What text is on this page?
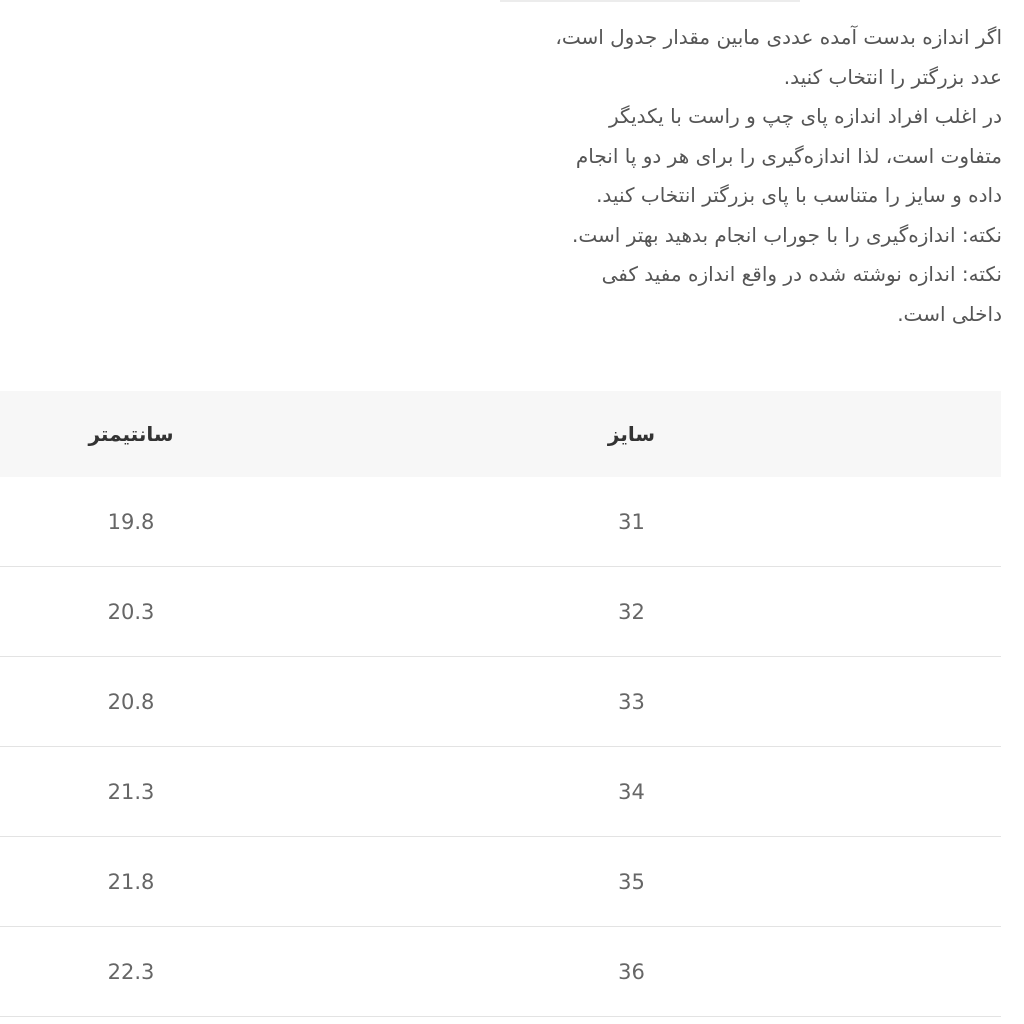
اگر اندازه بدست آمده عددی مابین مقدار جدول است،

عدد بزرگتر را انتخاب کنید.

در اغلب افراد اندازه پای چپ و راست با یکدیگر

متفاوت است، لذا اندازه‌گیری را برای هر دو پا انجام

داده و سایز را متناسب با پای بزرگتر انتخاب کنید.

نکته: اندازه‌گیری را با جوراب انجام بدهید بهتر است.

نکته: اندازه نوشته شده در واقع اندازه مفید کفی

داخلی است.

سانتیمتر	سایز
19.8	31
20.3	32
20.8	33
21.3	34
21.8	35
22.3	36
